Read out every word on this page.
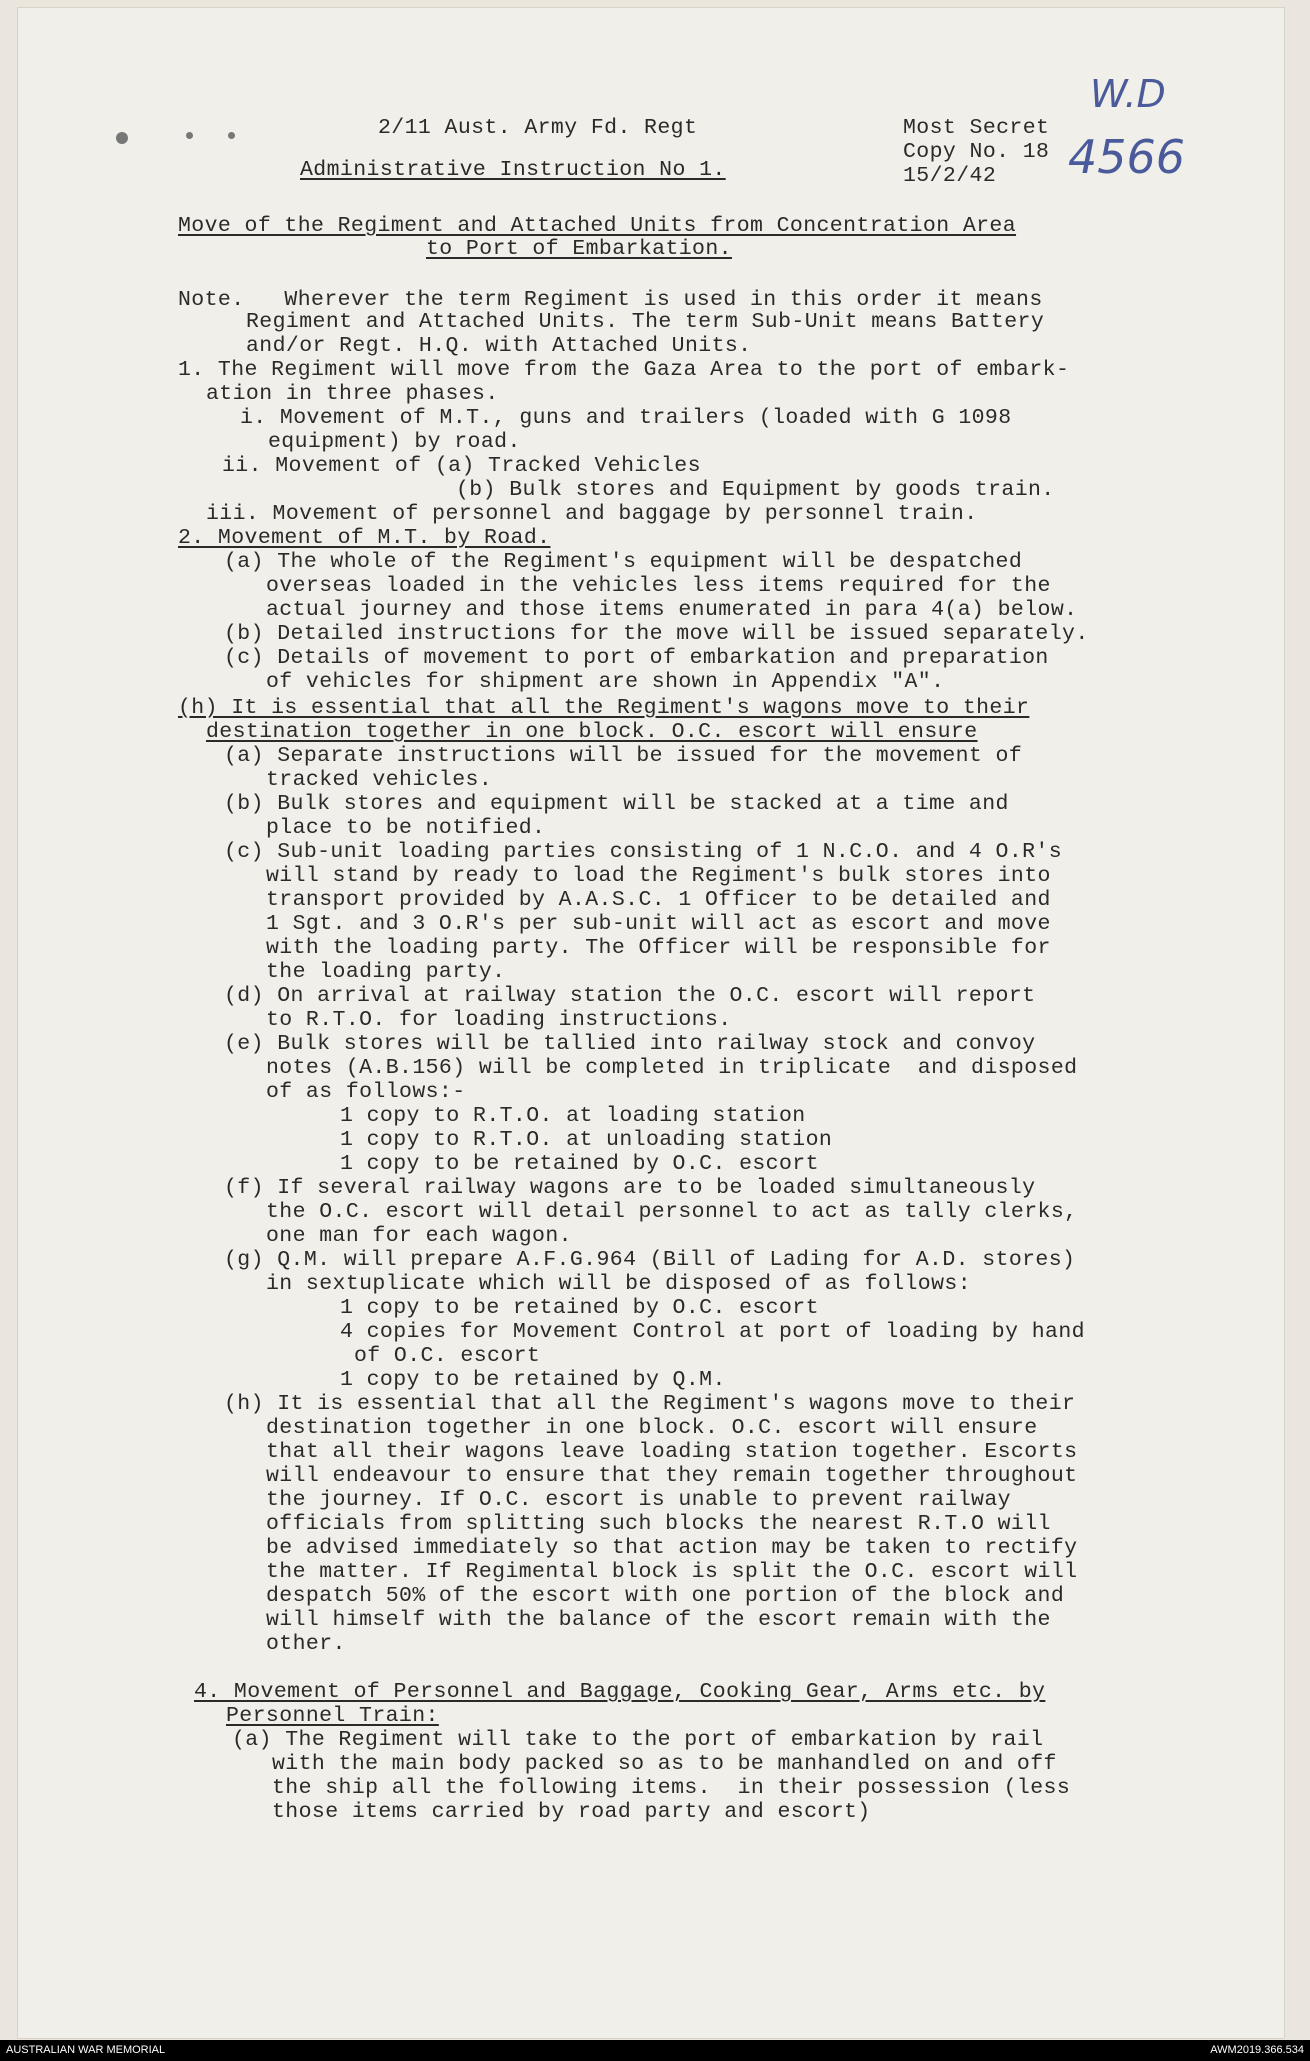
2/11 Aust. Army Fd. Regt	Most Secret
Copy No. 18
Administrative Instruction No 1.	15/2/42
W.D
4566
Move of the Regiment and Attached Units from Concentration Area
to Port of Embarkation.
Note.   Wherever the term Regiment is used in this order it means
Regiment and Attached Units. The term Sub-Unit means Battery
and/or Regt. H.Q. with Attached Units.
1. The Regiment will move from the Gaza Area to the port of embark-
ation in three phases.
i. Movement of M.T., guns and trailers (loaded with G 1098
equipment) by road.
ii. Movement of (a) Tracked Vehicles
(b) Bulk stores and Equipment by goods train.
iii. Movement of personnel and baggage by personnel train.
2. Movement of M.T. by Road.
(a) The whole of the Regiment's equipment will be despatched
overseas loaded in the vehicles less items required for the
actual journey and those items enumerated in para 4(a) below.
(b) Detailed instructions for the move will be issued separately.
(c) Details of movement to port of embarkation and preparation
of vehicles for shipment are shown in Appendix "A".
(h) It is essential that all the Regiment's wagons move to their
destination together in one block. O.C. escort will ensure
(a) Separate instructions will be issued for the movement of
tracked vehicles.
(b) Bulk stores and equipment will be stacked at a time and
place to be notified.
(c) Sub-unit loading parties consisting of 1 N.C.O. and 4 O.R's
will stand by ready to load the Regiment's bulk stores into
transport provided by A.A.S.C. 1 Officer to be detailed and
1 Sgt. and 3 O.R's per sub-unit will act as escort and move
with the loading party. The Officer will be responsible for
the loading party.
(d) On arrival at railway station the O.C. escort will report
to R.T.O. for loading instructions.
(e) Bulk stores will be tallied into railway stock and convoy
notes (A.B.156) will be completed in triplicate  and disposed
of as follows:-
1 copy to R.T.O. at loading station
1 copy to R.T.O. at unloading station
1 copy to be retained by O.C. escort
(f) If several railway wagons are to be loaded simultaneously
the O.C. escort will detail personnel to act as tally clerks,
one man for each wagon.
(g) Q.M. will prepare A.F.G.964 (Bill of Lading for A.D. stores)
in sextuplicate which will be disposed of as follows:
1 copy to be retained by O.C. escort
4 copies for Movement Control at port of loading by hand
of O.C. escort
1 copy to be retained by Q.M.
(h) It is essential that all the Regiment's wagons move to their
destination together in one block. O.C. escort will ensure
that all their wagons leave loading station together. Escorts
will endeavour to ensure that they remain together throughout
the journey. If O.C. escort is unable to prevent railway
officials from splitting such blocks the nearest R.T.O will
be advised immediately so that action may be taken to rectify
the matter. If Regimental block is split the O.C. escort will
despatch 50% of the escort with one portion of the block and
will himself with the balance of the escort remain with the
other.
4. Movement of Personnel and Baggage, Cooking Gear, Arms etc. by
Personnel Train:
(a) The Regiment will take to the port of embarkation by rail
with the main body packed so as to be manhandled on and off
the ship all the following items.  in their possession (less
those items carried by road party and escort)
AUSTRALIAN WAR MEMORIAL	AWM2019.366.534
